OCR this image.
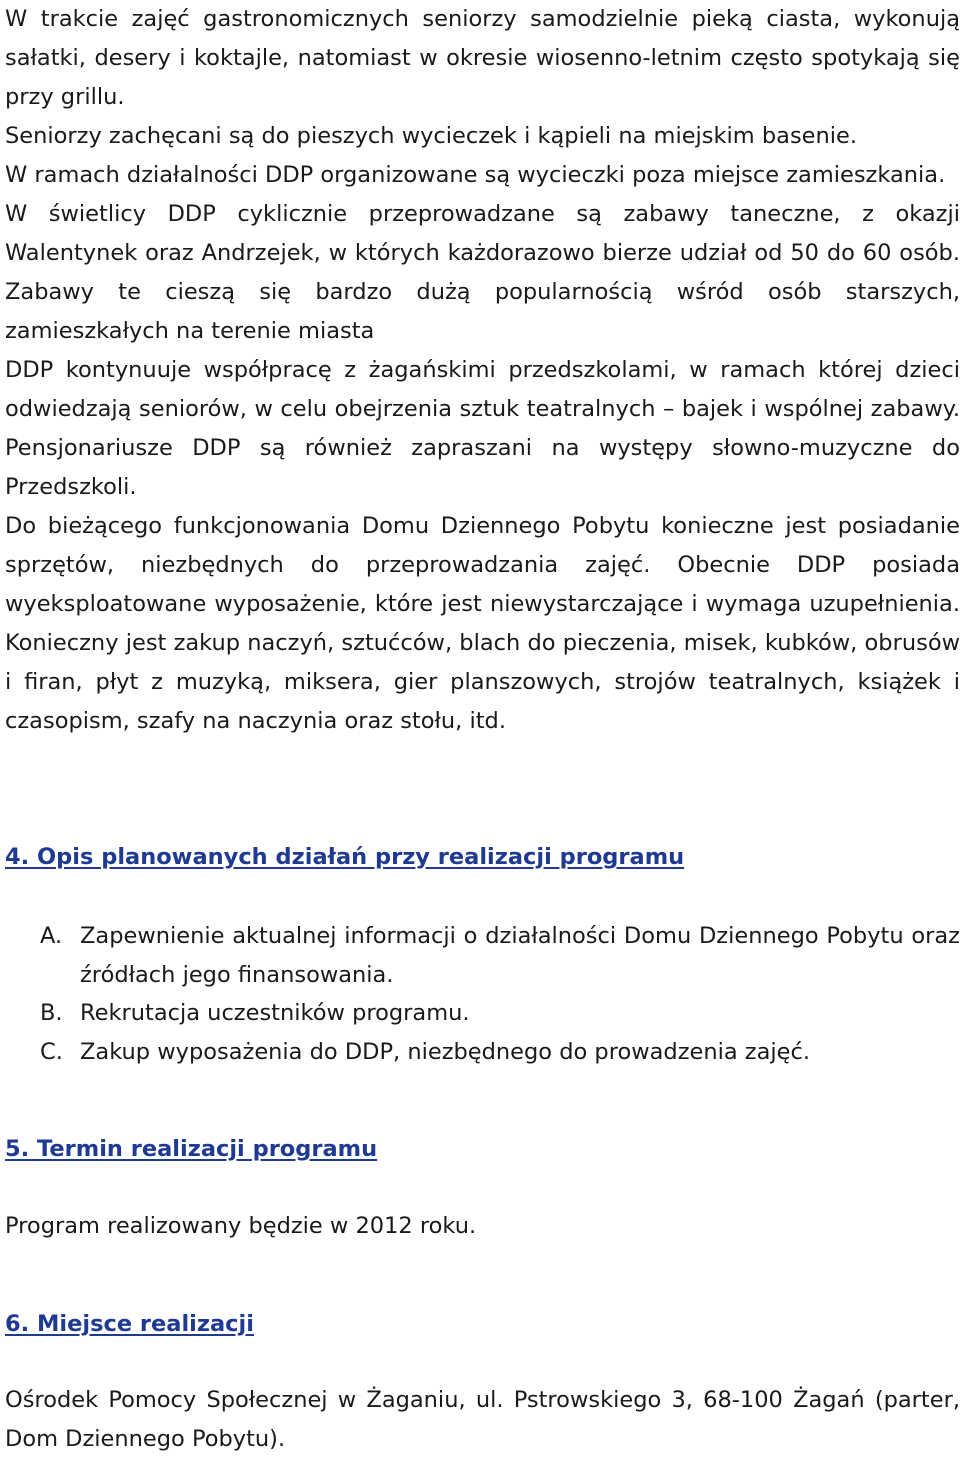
W trakcie zajęć gastronomicznych seniorzy samodzielnie pieką ciasta, wykonują sałatki, desery i koktajle, natomiast w okresie wiosenno-letnim często spotykają się przy grillu.

Seniorzy zachęcani są do pieszych wycieczek i kąpieli na miejskim basenie.

W ramach działalności DDP organizowane są wycieczki poza miejsce zamieszkania.

W świetlicy DDP cyklicznie przeprowadzane są zabawy taneczne, z okazji Walentynek oraz Andrzejek, w których każdorazowo bierze udział od 50 do 60 osób. Zabawy te cieszą się bardzo dużą popularnością wśród osób starszych, zamieszkałych na terenie miasta

DDP kontynuuje współpracę z żagańskimi przedszkolami, w ramach której dzieci odwiedzają seniorów, w celu obejrzenia sztuk teatralnych – bajek i wspólnej zabawy. Pensjonariusze DDP są również zapraszani na występy słowno-muzyczne do Przedszkoli.

Do bieżącego funkcjonowania Domu Dziennego Pobytu konieczne jest posiadanie sprzętów, niezbędnych do przeprowadzania zajęć. Obecnie DDP posiada wyeksploatowane wyposażenie, które jest niewystarczające i wymaga uzupełnienia. Konieczny jest zakup naczyń, sztućców, blach do pieczenia, misek, kubków, obrusów i firan, płyt z muzyką, miksera, gier planszowych, strojów teatralnych, książek i czasopism, szafy na naczynia oraz stołu, itd.

4. Opis planowanych działań przy realizacji programu
A. Zapewnienie aktualnej informacji o działalności Domu Dziennego Pobytu oraz źródłach jego finansowania.
B. Rekrutacja uczestników programu.
C. Zakup wyposażenia do DDP, niezbędnego do prowadzenia zajęć.
5. Termin realizacji programu

Program realizowany będzie w 2012 roku.

6. Miejsce realizacji

Ośrodek Pomocy Społecznej w Żaganiu, ul. Pstrowskiego 3, 68-100 Żagań (parter, Dom Dziennego Pobytu).
